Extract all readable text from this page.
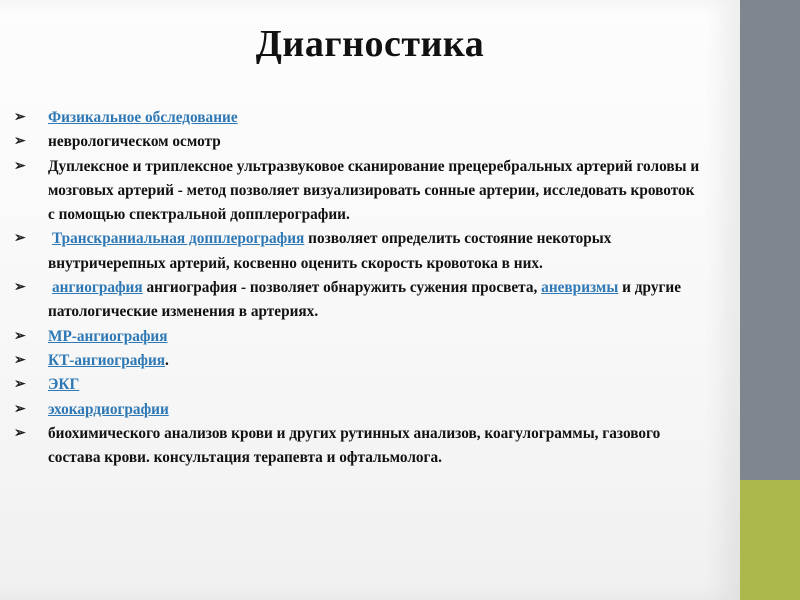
Диагностика
➢	Физикальное обследование
➢	неврологическом осмотр
➢	Дуплексное и триплексное ультразвуковое сканирование прецеребральных артерий головы и мозговых артерий - метод позволяет визуализировать сонные артерии, исследовать кровоток с помощью спектральной допплерографии.
➢	Транскраниальная допплерография позволяет определить состояние некоторых внутричерепных артерий, косвенно оценить скорость кровотока в них.
➢	ангиография ангиография - позволяет обнаружить сужения просвета, аневризмы и другие патологические изменения в артериях.
➢	МР-ангиография
➢	КТ-ангиография.
➢	ЭКГ
➢	эхокардиографии
➢	биохимического анализов крови и других рутинных анализов, коагулограммы, газового состава крови. консультация терапевта и офтальмолога.
